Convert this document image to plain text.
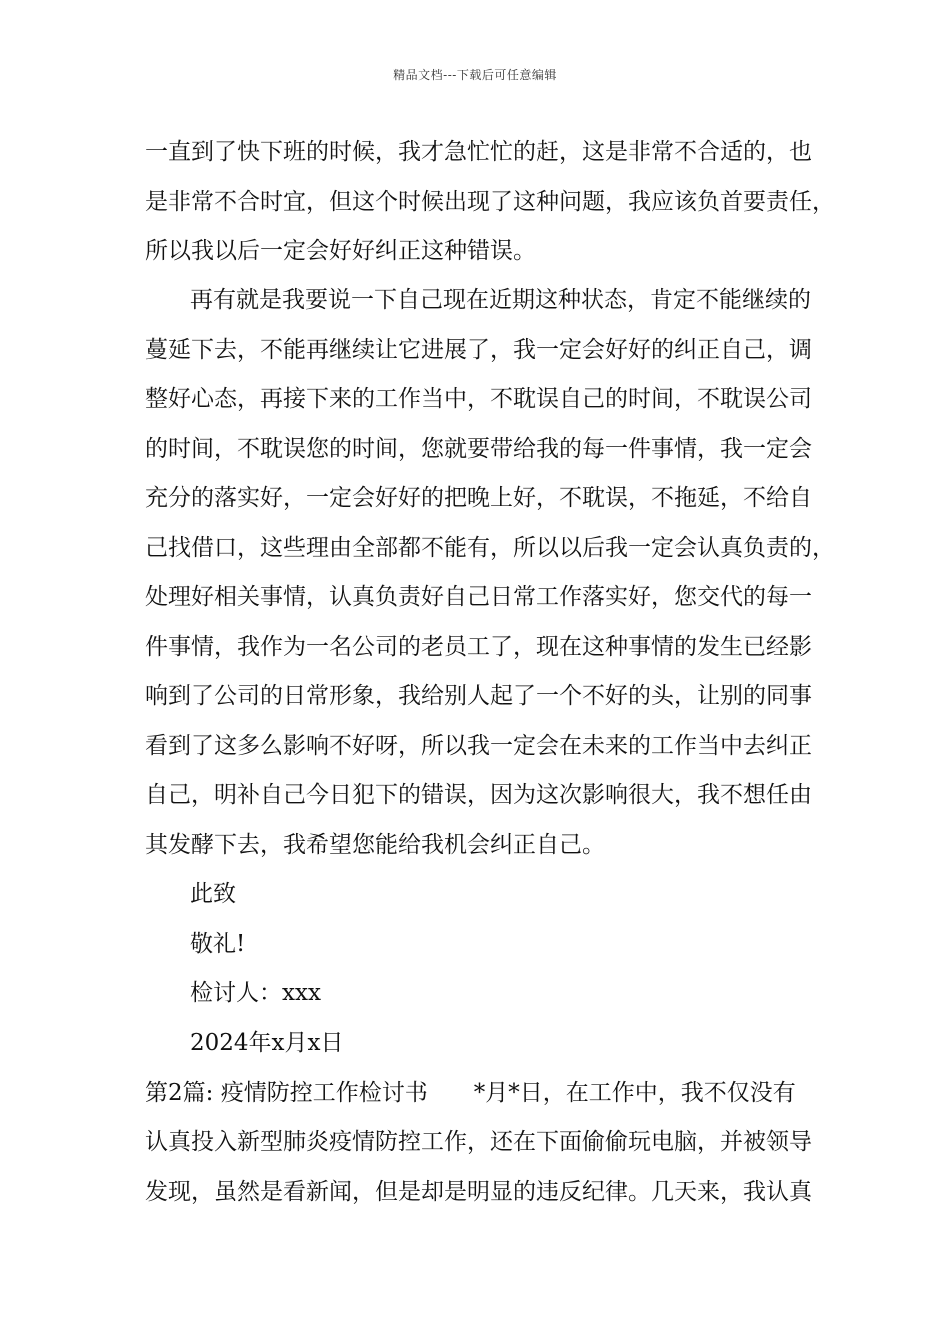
精品文档---下载后可任意编辑
一直到了快下班的时候，我才急忙忙的赶，这是非常不合适的，也
是非常不合时宜，但这个时候出现了这种问题，我应该负首要责任，
所以我以后一定会好好纠正这种错误。
再有就是我要说一下自己现在近期这种状态，肯定不能继续的
蔓延下去，不能再继续让它进展了，我一定会好好的纠正自己，调
整好心态，再接下来的工作当中，不耽误自己的时间，不耽误公司
的时间，不耽误您的时间，您就要带给我的每一件事情，我一定会
充分的落实好，一定会好好的把晚上好，不耽误，不拖延，不给自
己找借口，这些理由全部都不能有，所以以后我一定会认真负责的，
处理好相关事情，认真负责好自己日常工作落实好，您交代的每一
件事情，我作为一名公司的老员工了，现在这种事情的发生已经影
响到了公司的日常形象，我给别人起了一个不好的头，让别的同事
看到了这多么影响不好呀，所以我一定会在未来的工作当中去纠正
自己，明补自己今日犯下的错误，因为这次影响很大，我不想任由
其发酵下去，我希望您能给我机会纠正自己。
此致
敬礼!
检讨人：xxx
2024年x月x日
第2篇: 疫情防控工作检讨书　　*月*日，在工作中，我不仅没有
认真投入新型肺炎疫情防控工作，还在下面偷偷玩电脑，并被领导
发现，虽然是看新闻，但是却是明显的违反纪律。几天来，我认真
